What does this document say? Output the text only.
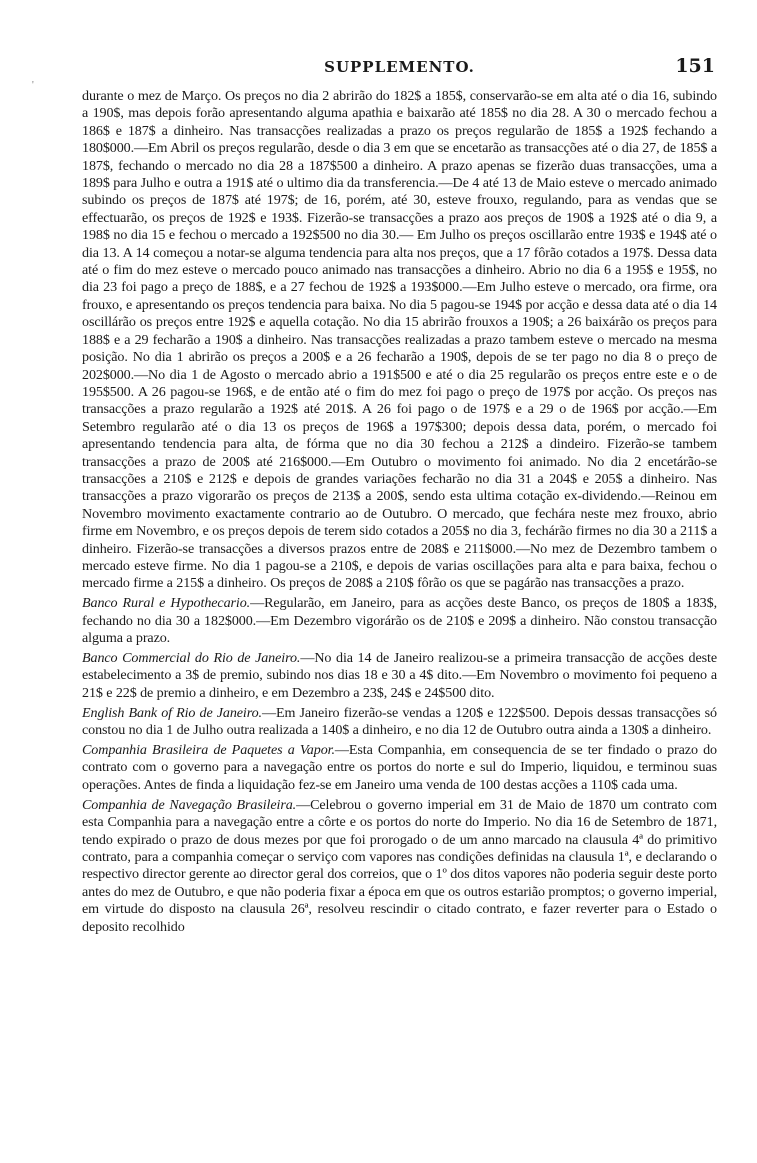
'
SUPPLEMENTO.	151

durante o mez de Março. Os preços no dia 2 abrirão do 182$ a 185$, conservarão-se em alta até o dia 16, subindo a 190$, mas depois forão apresentando alguma apathia e baixarão até 185$ no dia 28. A 30 o mercado fechou a 186$ e 187$ a dinheiro. Nas transacções realizadas a prazo os preços regularão de 185$ a 192$ fechando a 180$000.—Em Abril os preços regularão, desde o dia 3 em que se encetarão as transacções até o dia 27, de 185$ a 187$, fechando o mercado no dia 28 a 187$500 a dinheiro. A prazo apenas se fizerão duas transacções, uma a 189$ para Julho e outra a 191$ até o ultimo dia da transferencia.—De 4 até 13 de Maio esteve o mercado animado subindo os preços de 187$ até 197$; de 16, porém, até 30, esteve frouxo, regulando, para as vendas que se effectuarão, os preços de 192$ e 193$. Fizerão-se transacções a prazo aos preços de 190$ a 192$ até o dia 9, a 198$ no dia 15 e fechou o mercado a 192$500 no dia 30.— Em Julho os preços oscillarão entre 193$ e 194$ até o dia 13. A 14 começou a notar-se alguma tendencia para alta nos preços, que a 17 fôrão cotados a 197$. Dessa data até o fim do mez esteve o mercado pouco animado nas transacções a dinheiro. Abrio no dia 6 a 195$ e 195$, no dia 23 foi pago a preço de 188$, e a 27 fechou de 192$ a 193$000.—Em Julho esteve o mercado, ora firme, ora frouxo, e apresentando os preços tendencia para baixa. No dia 5 pagou-se 194$ por acção e dessa data até o dia 14 oscillárão os preços entre 192$ e aquella cotação. No dia 15 abrirão frouxos a 190$; a 26 baixárão os preços para 188$ e a 29 fecharão a 190$ a dinheiro. Nas transacções realizadas a prazo tambem esteve o mercado na mesma posição. No dia 1 abrirão os preços a 200$ e a 26 fecharão a 190$, depois de se ter pago no dia 8 o preço de 202$000.—No dia 1 de Agosto o mercado abrio a 191$500 e até o dia 25 regularão os preços entre este e o de 195$500. A 26 pagou-se 196$, e de então até o fim do mez foi pago o preço de 197$ por acção. Os preços nas transacções a prazo regularão a 192$ até 201$. A 26 foi pago o de 197$ e a 29 o de 196$ por acção.—Em Setembro regularão até o dia 13 os preços de 196$ a 197$300; depois dessa data, porém, o mercado foi apresentando tendencia para alta, de fórma que no dia 30 fechou a 212$ a dindeiro. Fizerão-se tambem transacções a prazo de 200$ até 216$000.—Em Outubro o movimento foi animado. No dia 2 encetárão-se transacções a 210$ e 212$ e depois de grandes variações fecharão no dia 31 a 204$ e 205$ a dinheiro. Nas transacções a prazo vigorarão os preços de 213$ a 200$, sendo esta ultima cotação ex-dividendo.—Reinou em Novembro movimento exactamente contrario ao de Outubro. O mercado, que fechára neste mez frouxo, abrio firme em Novembro, e os preços depois de terem sido cotados a 205$ no dia 3, fechárão firmes no dia 30 a 211$ a dinheiro. Fizerão-se transacções a diversos prazos entre de 208$ e 211$000.—No mez de Dezembro tambem o mercado esteve firme. No dia 1 pagou-se a 210$, e depois de varias oscillações para alta e para baixa, fechou o mercado firme a 215$ a dinheiro. Os preços de 208$ a 210$ fôrão os que se pagárão nas transacções a prazo.

Banco Rural e Hypothecario.—Regularão, em Janeiro, para as acções deste Banco, os preços de 180$ a 183$, fechando no dia 30 a 182$000.—Em Dezembro vigorárão os de 210$ e 209$ a dinheiro. Não constou transacção alguma a prazo.

Banco Commercial do Rio de Janeiro.—No dia 14 de Janeiro realizou-se a primeira transacção de acções deste estabelecimento a 3$ de premio, subindo nos dias 18 e 30 a 4$ dito.—Em Novembro o movimento foi pequeno a 21$ e 22$ de premio a dinheiro, e em Dezembro a 23$, 24$ e 24$500 dito.

English Bank of Rio de Janeiro.—Em Janeiro fizerão-se vendas a 120$ e 122$500. Depois dessas transacções só constou no dia 1 de Julho outra realizada a 140$ a dinheiro, e no dia 12 de Outubro outra ainda a 130$ a dinheiro.

Companhia Brasileira de Paquetes a Vapor.—Esta Companhia, em consequencia de se ter findado o prazo do contrato com o governo para a navegação entre os portos do norte e sul do Imperio, liquidou, e terminou suas operações. Antes de finda a liquidação fez-se em Janeiro uma venda de 100 destas acções a 110$ cada uma.

Companhia de Navegação Brasileira.—Celebrou o governo imperial em 31 de Maio de 1870 um contrato com esta Companhia para a navegação entre a côrte e os portos do norte do Imperio. No dia 16 de Setembro de 1871, tendo expirado o prazo de dous mezes por que foi prorogado o de um anno marcado na clausula 4ª do primitivo contrato, para a companhia começar o serviço com vapores nas condições definidas na clausula 1ª, e declarando o respectivo director gerente ao director geral dos correios, que o 1º dos ditos vapores não poderia seguir deste porto antes do mez de Outubro, e que não poderia fixar a época em que os outros estarião promptos; o governo imperial, em virtude do disposto na clausula 26ª, resolveu rescindir o citado contrato, e fazer reverter para o Estado o deposito recolhido
